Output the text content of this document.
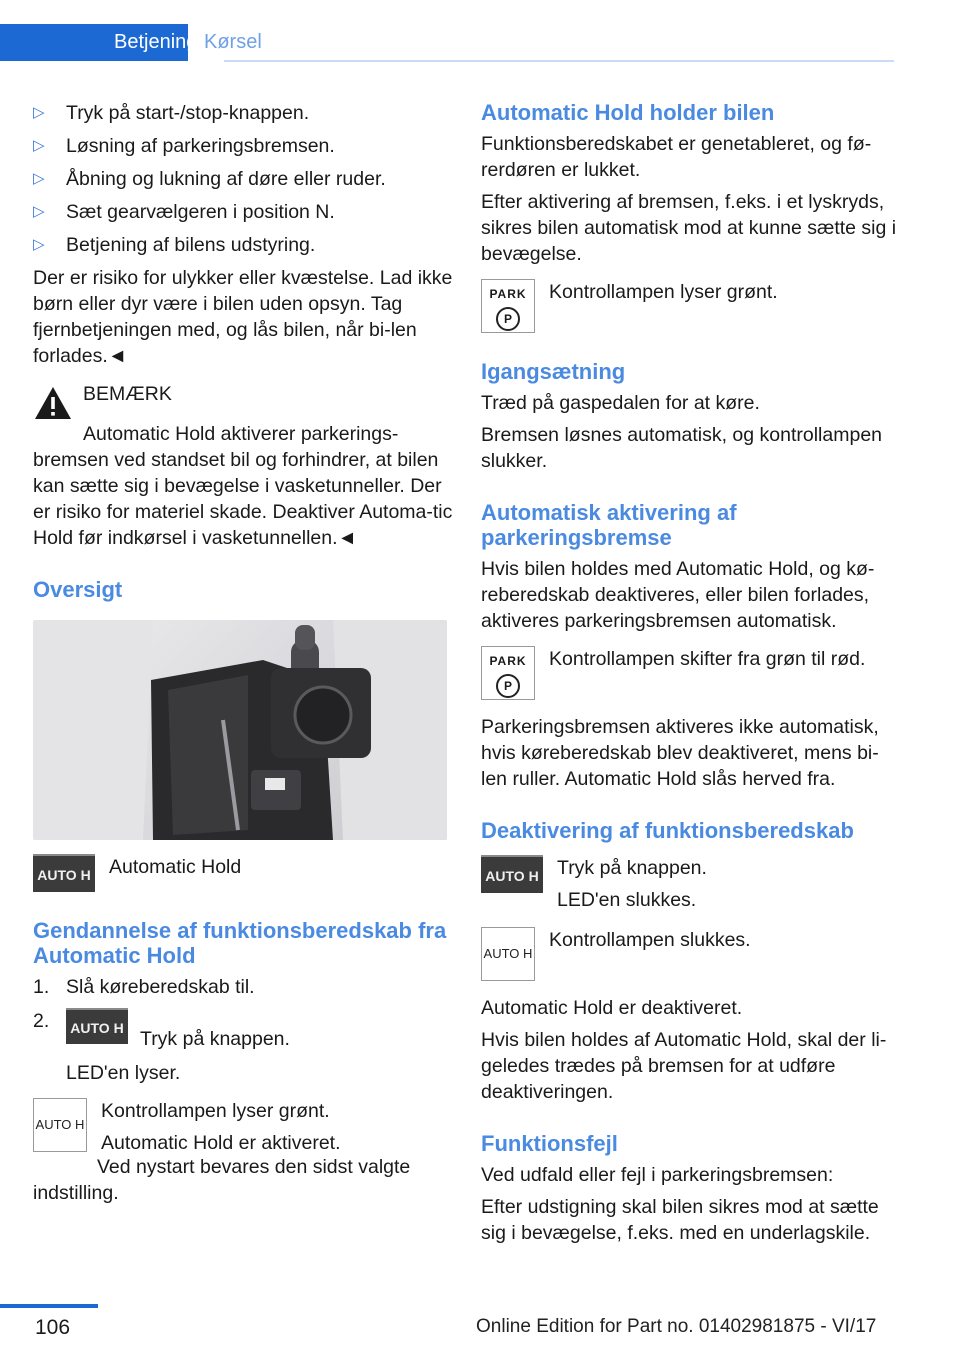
Betjening Kørsel
▷	Tryk på start-/stop-knappen.
▷	Løsning af parkeringsbremsen.
▷	Åbning og lukning af døre eller ruder.
▷	Sæt gearvælgeren i position N.
▷	Betjening af bilens udstyring.

Der er risiko for ulykker eller kvæstelse. Lad ikke børn eller dyr være i bilen uden opsyn. Tag fjernbetjeningen med, og lås bilen, når bi-len forlades.◄

BEMÆRK

Automatic Hold aktiverer parkerings-bremsen ved standset bil og forhindrer, at bilen kan sætte sig i bevægelse i vasketunneller. Der er risiko for materiel skade. Deaktiver Automa-tic Hold før indkørsel i vasketunnellen.◄

Oversigt
AUTO H Automatic Hold
Gendannelse af funktionsberedskab fra Automatic Hold
1. Slå køreberedskab til.
2.	AUTO H Tryk på knappen.
LED'en lyser.
AUTO H
Kontrollampen lyser grønt.
Automatic Hold er aktiveret.

Ved nystart bevares den sidst valgte indstilling.

Automatic Hold holder bilen

Funktionsberedskabet er genetableret, og fø-rerdøren er lukket.

Efter aktivering af bremsen, f.eks. i et lyskryds, sikres bilen automatisk mod at kunne sætte sig i bevægelse.

PARK
P
Kontrollampen lyser grønt.
Igangsætning

Træd på gaspedalen for at køre.

Bremsen løsnes automatisk, og kontrollampen slukker.

Automatisk aktivering af parkeringsbremse

Hvis bilen holdes med Automatic Hold, og kø-reberedskab deaktiveres, eller bilen forlades, aktiveres parkeringsbremsen automatisk.

PARK
P
Kontrollampen skifter fra grøn til rød.

Parkeringsbremsen aktiveres ikke automatisk, hvis køreberedskab blev deaktiveret, mens bi-len ruller. Automatic Hold slås herved fra.

Deaktivering af funktionsberedskab
AUTO H Tryk på knappen.
LED'en slukkes.
AUTO H
Kontrollampen slukkes.

Automatic Hold er deaktiveret.

Hvis bilen holdes af Automatic Hold, skal der li-geledes trædes på bremsen for at udføre deaktiveringen.

Funktionsfejl

Ved udfald eller fejl i parkeringsbremsen:

Efter udstigning skal bilen sikres mod at sætte sig i bevægelse, f.eks. med en underlagskile.

106	Online Edition for Part no. 01402981875 - VI/17
